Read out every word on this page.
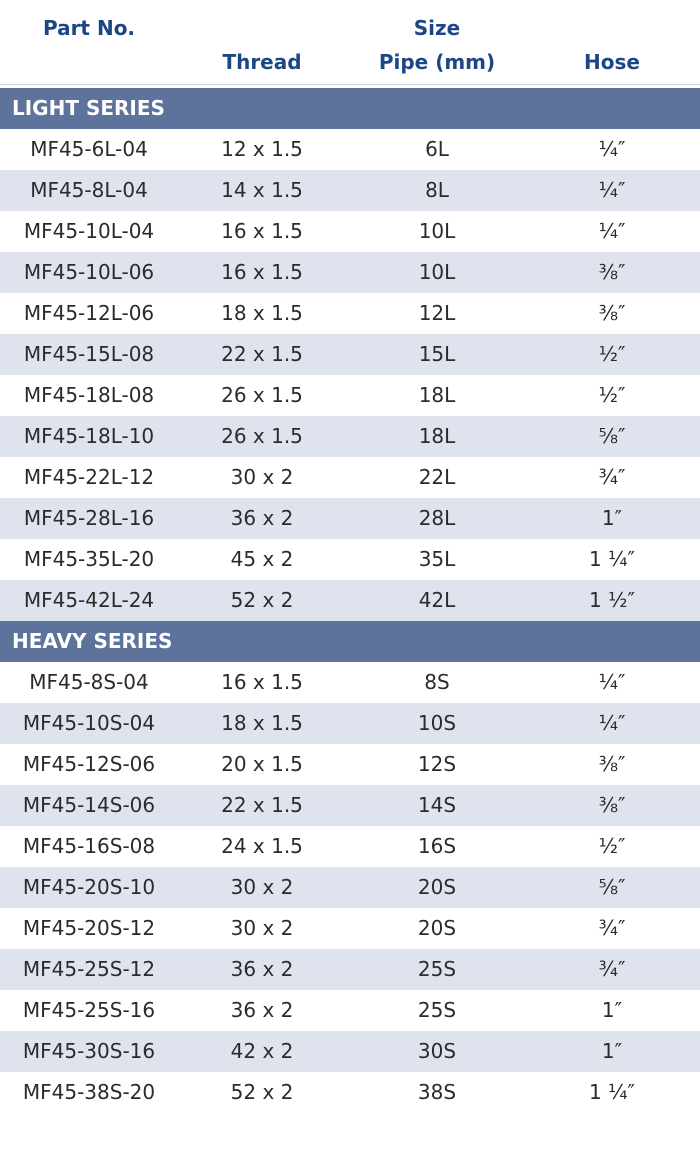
Part No.	Size
Thread	Pipe (mm)	Hose
LIGHT SERIES
MF45-6L-04	12 x 1.5	6L	¼″
MF45-8L-04	14 x 1.5	8L	¼″
MF45-10L-04	16 x 1.5	10L	¼″
MF45-10L-06	16 x 1.5	10L	⅜″
MF45-12L-06	18 x 1.5	12L	⅜″
MF45-15L-08	22 x 1.5	15L	½″
MF45-18L-08	26 x 1.5	18L	½″
MF45-18L-10	26 x 1.5	18L	⅝″
MF45-22L-12	30 x 2	22L	¾″
MF45-28L-16	36 x 2	28L	1″
MF45-35L-20	45 x 2	35L	1 ¼″
MF45-42L-24	52 x 2	42L	1 ½″
HEAVY SERIES
MF45-8S-04	16 x 1.5	8S	¼″
MF45-10S-04	18 x 1.5	10S	¼″
MF45-12S-06	20 x 1.5	12S	⅜″
MF45-14S-06	22 x 1.5	14S	⅜″
MF45-16S-08	24 x 1.5	16S	½″
MF45-20S-10	30 x 2	20S	⅝″
MF45-20S-12	30 x 2	20S	¾″
MF45-25S-12	36 x 2	25S	¾″
MF45-25S-16	36 x 2	25S	1″
MF45-30S-16	42 x 2	30S	1″
MF45-38S-20	52 x 2	38S	1 ¼″
